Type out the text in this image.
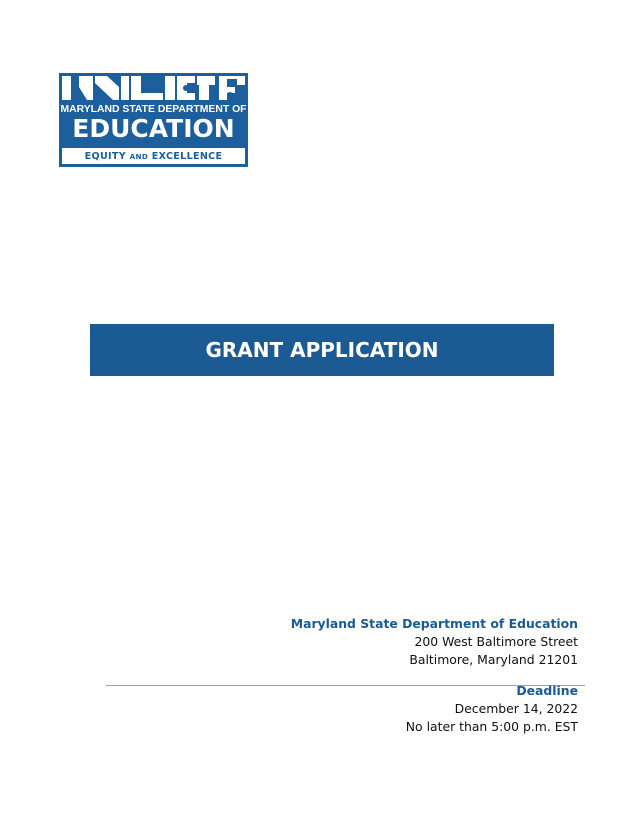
MARYLAND STATE DEPARTMENT OF
EDUCATION
EQUITY AND EXCELLENCE
GRANT APPLICATION
Maryland State Department of Education
200 West Baltimore Street
Baltimore, Maryland 21201
Deadline
December 14, 2022
No later than 5:00 p.m. EST
